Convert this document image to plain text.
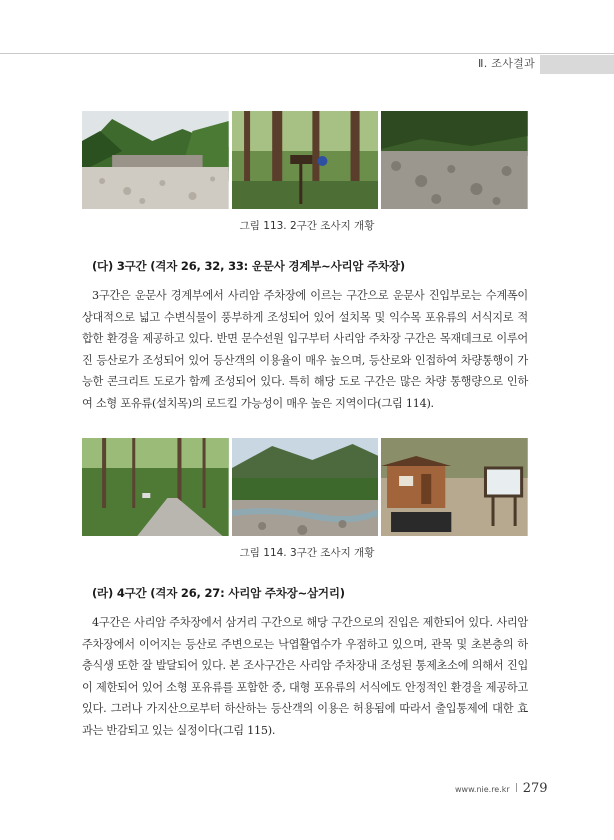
Ⅱ. 조사결과
그림 113. 2구간 조사지 개황
(다) 3구간 (격자 26, 32, 33: 운문사 경계부~사리암 주차장)

3구간은 운문사 경계부에서 사리암 주차장에 이르는 구간으로 운문사 진입부로는 수계폭이 상대적으로 넓고 수변식물이 풍부하게 조성되어 있어 설치목 및 익수목 포유류의 서식지로 적합한 환경을 제공하고 있다. 반면 문수선원 입구부터 사리암 주차장 구간은 목재데크로 이루어진 등산로가 조성되어 있어 등산객의 이용율이 매우 높으며, 등산로와 인접하여 차량통행이 가능한 콘크리트 도로가 함께 조성되어 있다. 특히 해당 도로 구간은 많은 차량 통행량으로 인하여 소형 포유류(설치목)의 로드킬 가능성이 매우 높은 지역이다(그림 114).

그림 114. 3구간 조사지 개황
(라) 4구간 (격자 26, 27: 사리암 주차장~삼거리)

4구간은 사리암 주차장에서 삼거리 구간으로 해당 구간으로의 진입은 제한되어 있다. 사리암주차장에서 이어지는 등산로 주변으로는 낙엽활엽수가 우점하고 있으며, 관목 및 초본층의 하층식생 또한 잘 발달되어 있다. 본 조사구간은 사리암 주차장내 조성된 통제초소에 의해서 진입이 제한되어 있어 소형 포유류를 포함한 중, 대형 포유류의 서식에도 안정적인 환경을 제공하고 있다. 그러나 가지산으로부터 하산하는 등산객의 이용은 허용됨에 따라서 출입통제에 대한 효과는 반감되고 있는 실정이다(그림 115).

www.nie.re.kr 279
